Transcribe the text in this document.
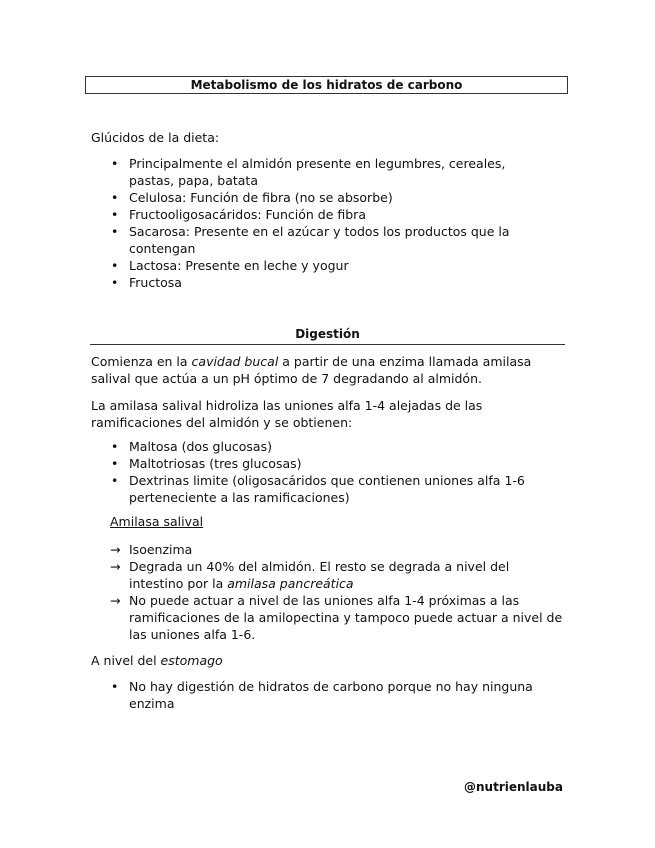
Metabolismo de los hidratos de carbono
Glúcidos de la dieta:
• Principalmente el almidón presente en legumbres, cereales, pastas, papa, batata
• Celulosa: Función de fibra (no se absorbe)
• Fructooligosacáridos: Función de fibra
• Sacarosa: Presente en el azúcar y todos los productos que la contengan
• Lactosa: Presente en leche y yogur
• Fructosa
Digestión
Comienza en la cavidad bucal a partir de una enzima llamada amilasa salival que actúa a un pH óptimo de 7 degradando al almidón.
La amilasa salival hidroliza las uniones alfa 1-4 alejadas de las ramificaciones del almidón y se obtienen:
• Maltosa (dos glucosas)
• Maltotriosas (tres glucosas)
• Dextrinas limite (oligosacáridos que contienen uniones alfa 1-6 perteneciente a las ramificaciones)
Amilasa salival
→ Isoenzima
→ Degrada un 40% del almidón. El resto se degrada a nivel del intestino por la amilasa pancreática
→ No puede actuar a nivel de las uniones alfa 1-4 próximas a las ramificaciones de la amilopectina y tampoco puede actuar a nivel de las uniones alfa 1-6.
A nivel del estomago
• No hay digestión de hidratos de carbono porque no hay ninguna enzima
@nutrienlauba
